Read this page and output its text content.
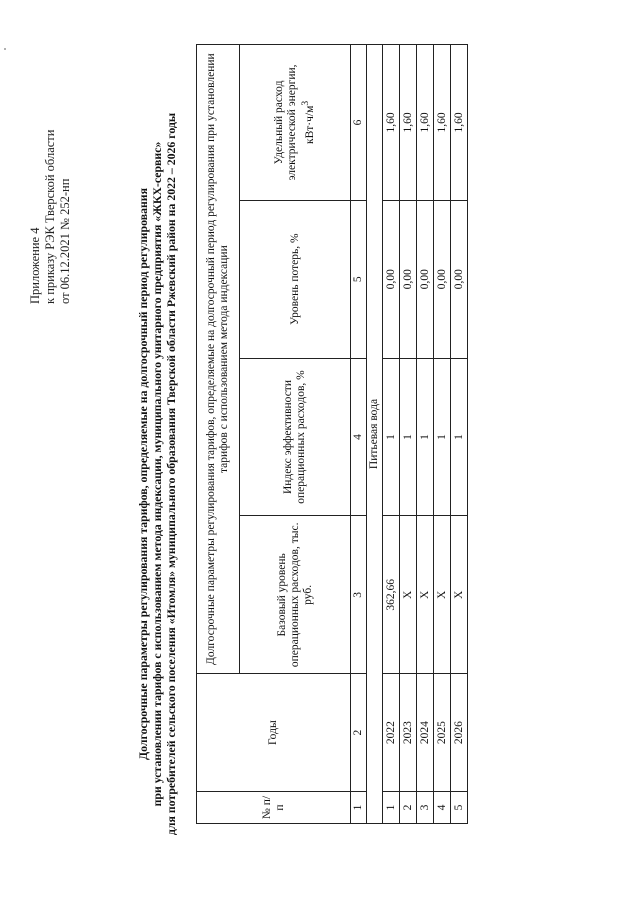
Приложение 4 к приказу РЭК Тверской области от 06.12.2021 № 252-нп	Долгосрочные параметры регулирования тарифов, определяемые на долгосрочный период регулирования при установлении тарифов с использованием метода индексации, муниципального унитарного предприятия «ЖКХ-сервис» для потребителей сельского поселения «Итомля» муниципального образования Тверской области Ржевский район на 2022 – 2026 годы	№ п/п	Годы	Долгосрочные параметры регулирования тарифов, определяемые на долгосрочный период регулирования при установлении тарифов с использованием метода индексации			
		Базовый уровень операционных расходов, тыс. руб.	Индекс эффективности операционных расходов, %	Уровень потерь, %	Удельный расход электрической энергии, $кВт\cdot ч/м^3$
1	2	3	4	5	6
Питьевая вода					
1	2022	362,66	1	0,00	1,60
2	2023	X	1	0,00	1,60
3	2024	X	1	0,00	1,60
4	2025	X	1	0,00	1,60
5	2026	X	1	0,00	1,60
